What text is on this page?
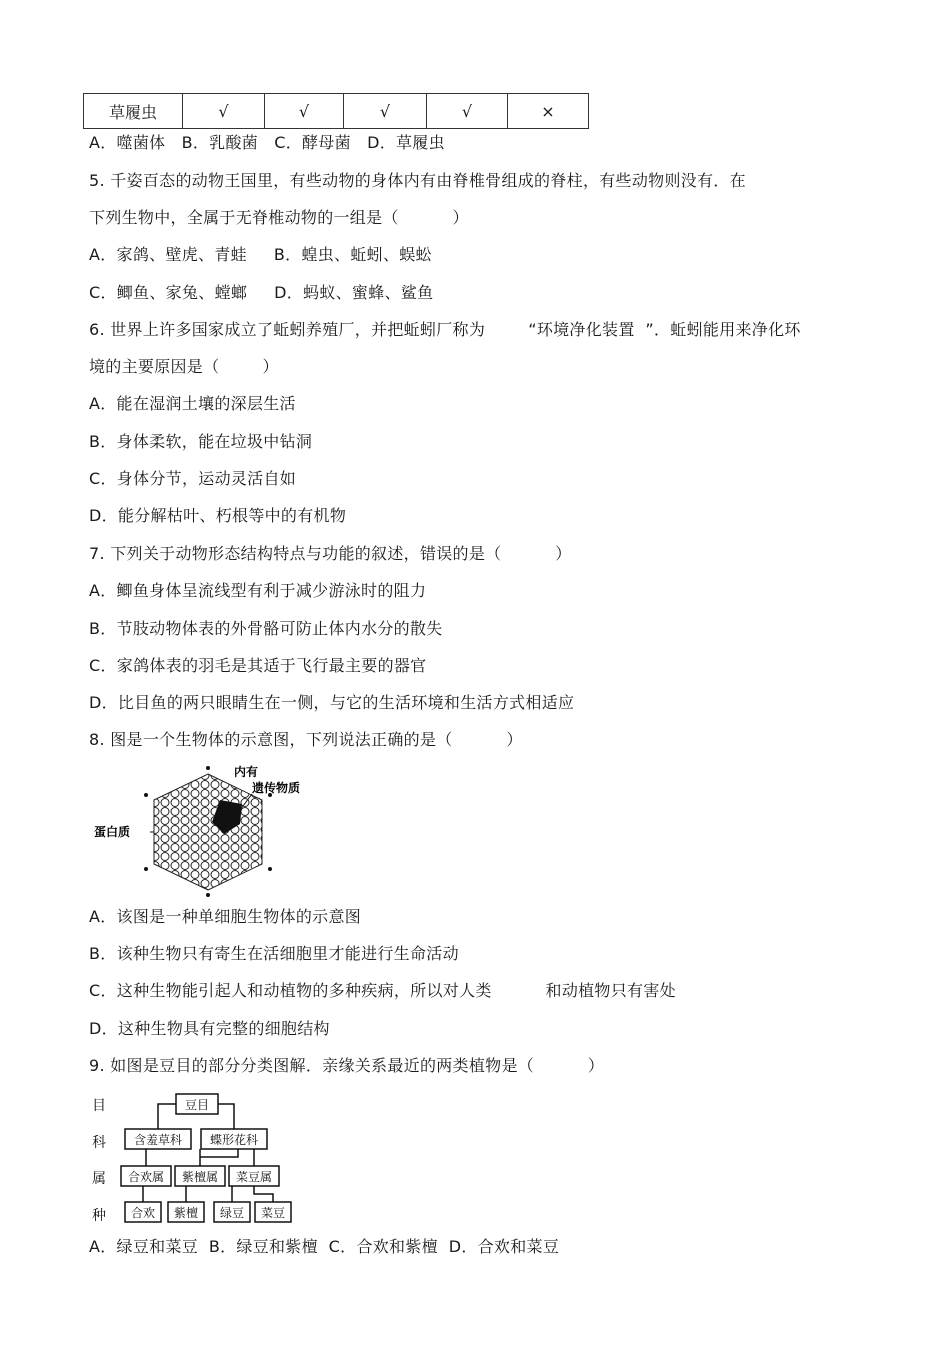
草履虫	√	√	√	√	×
A．噬菌体   B．乳酸菌   C．酵母菌   D．草履虫
5. 千姿百态的动物王国里，有些动物的身体内有由脊椎骨组成的脊柱，有些动物则没有．在
下列生物中，全属于无脊椎动物的一组是（          ）
A．家鸽、壁虎、青蛙     B．蝗虫、蚯蚓、蜈蚣
C．鲫鱼、家兔、螳螂     D．蚂蚁、蜜蜂、鲨鱼
6. 世界上许多国家成立了蚯蚓养殖厂，并把蚯蚓厂称为        “环境净化装置  ”．蚯蚓能用来净化环
境的主要原因是（        ）
A．能在湿润土壤的深层生活
B．身体柔软，能在垃圾中钻洞
C．身体分节，运动灵活自如
D．能分解枯叶、朽根等中的有机物
7. 下列关于动物形态结构特点与功能的叙述，错误的是（          ）
A．鲫鱼身体呈流线型有利于减少游泳时的阻力
B．节肢动物体表的外骨骼可防止体内水分的散失
C．家鸽体表的羽毛是其适于飞行最主要的器官
D．比目鱼的两只眼睛生在一侧，与它的生活环境和生活方式相适应
8. 图是一个生物体的示意图，下列说法正确的是（          ）
内有
遗传物质
蛋白质
A．该图是一种单细胞生物体的示意图
B．该种生物只有寄生在活细胞里才能进行生命活动
C．这种生物能引起人和动植物的多种疾病，所以对人类          和动植物只有害处
D．这种生物具有完整的细胞结构
9. 如图是豆目的部分分类图解．亲缘关系最近的两类植物是（          ）
目
科
属
种
豆目
含羞草科 蝶形花科
合欢属 紫檀属 菜豆属
合欢 紫檀 绿豆 菜豆
A．绿豆和菜豆  B．绿豆和紫檀  C．合欢和紫檀  D．合欢和菜豆
